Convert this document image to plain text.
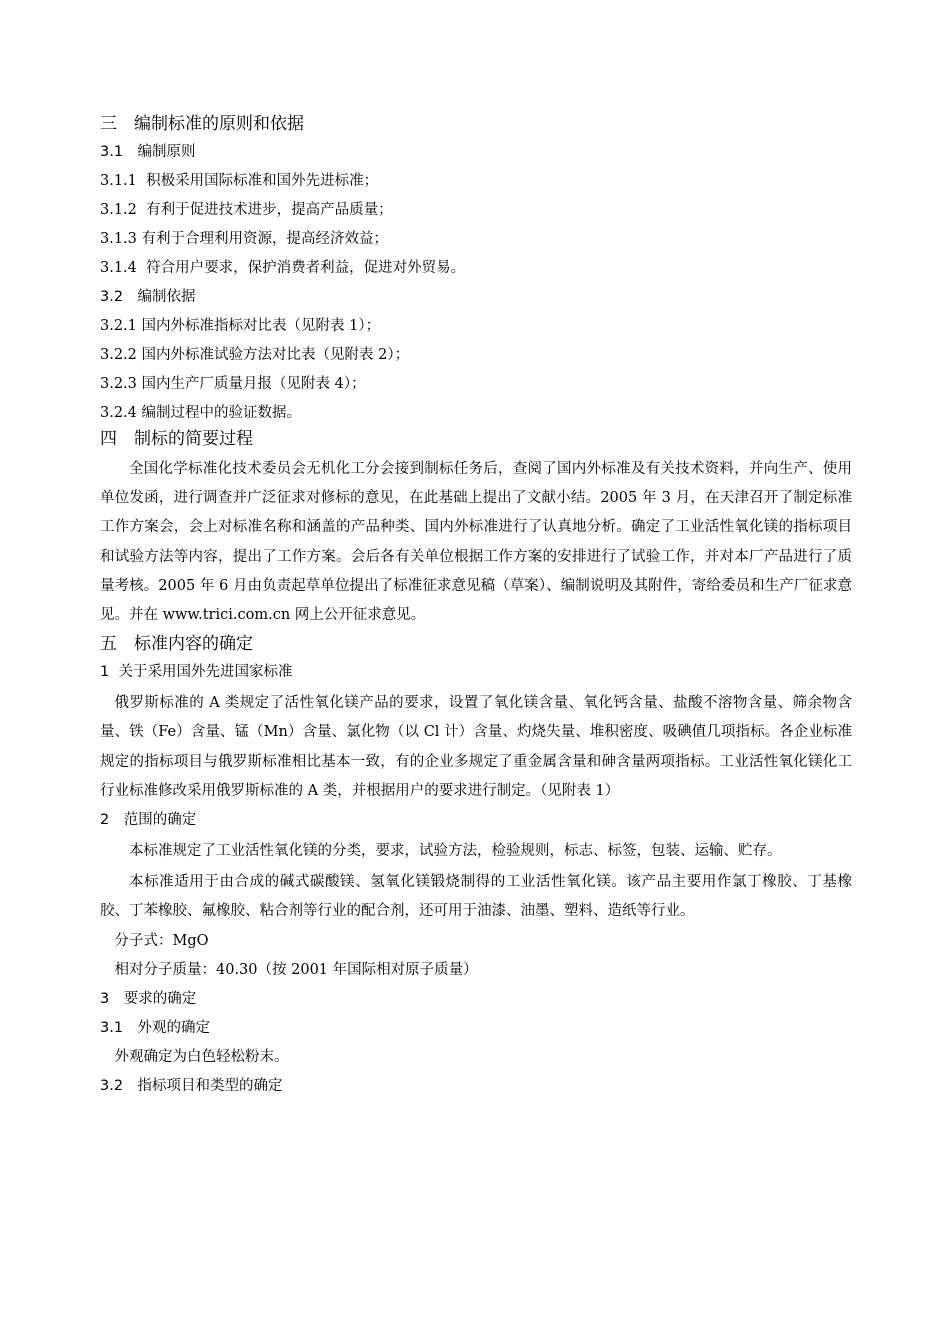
三　编制标准的原则和依据
3.1　编制原则
3.1.1  积极采用国际标准和国外先进标准；
3.1.2  有利于促进技术进步，提高产品质量；
3.1.3 有利于合理利用资源，提高经济效益；
3.1.4  符合用户要求，保护消费者利益，促进对外贸易。
3.2　编制依据
3.2.1 国内外标准指标对比表（见附表 1）；
3.2.2 国内外标准试验方法对比表（见附表 2）；
3.2.3 国内生产厂质量月报（见附表 4）；
3.2.4 编制过程中的验证数据。
四　制标的简要过程
全国化学标准化技术委员会无机化工分会接到制标任务后，查阅了国内外标准及有关技术资料，并向生产、使用单位发函，进行调查并广泛征求对修标的意见，在此基础上提出了文献小结。2005 年 3 月，在天津召开了制定标准工作方案会，会上对标准名称和涵盖的产品种类、国内外标准进行了认真地分析。确定了工业活性氧化镁的指标项目和试验方法等内容，提出了工作方案。会后各有关单位根据工作方案的安排进行了试验工作，并对本厂产品进行了质量考核。2005 年 6 月由负责起草单位提出了标准征求意见稿（草案）、编制说明及其附件，寄给委员和生产厂征求意见。并在 www.trici.com.cn 网上公开征求意见。
五　标准内容的确定
1  关于采用国外先进国家标准
俄罗斯标准的 A 类规定了活性氧化镁产品的要求，设置了氧化镁含量、氧化钙含量、盐酸不溶物含量、筛余物含量、铁（Fe）含量、锰（Mn）含量、氯化物（以 Cl 计）含量、灼烧失量、堆积密度、吸碘值几项指标。各企业标准规定的指标项目与俄罗斯标准相比基本一致，有的企业多规定了重金属含量和砷含量两项指标。工业活性氧化镁化工行业标准修改采用俄罗斯标准的 A 类，并根据用户的要求进行制定。（见附表 1）
2　范围的确定
本标准规定了工业活性氧化镁的分类，要求，试验方法，检验规则，标志、标签，包装、运输、贮存。
本标准适用于由合成的碱式碳酸镁、氢氧化镁锻烧制得的工业活性氧化镁。该产品主要用作氯丁橡胶、丁基橡胶、丁苯橡胶、氟橡胶、粘合剂等行业的配合剂，还可用于油漆、油墨、塑料、造纸等行业。
分子式：MgO
相对分子质量：40.30（按 2001 年国际相对原子质量）
3　要求的确定
3.1　外观的确定
外观确定为白色轻松粉末。
3.2　指标项目和类型的确定
